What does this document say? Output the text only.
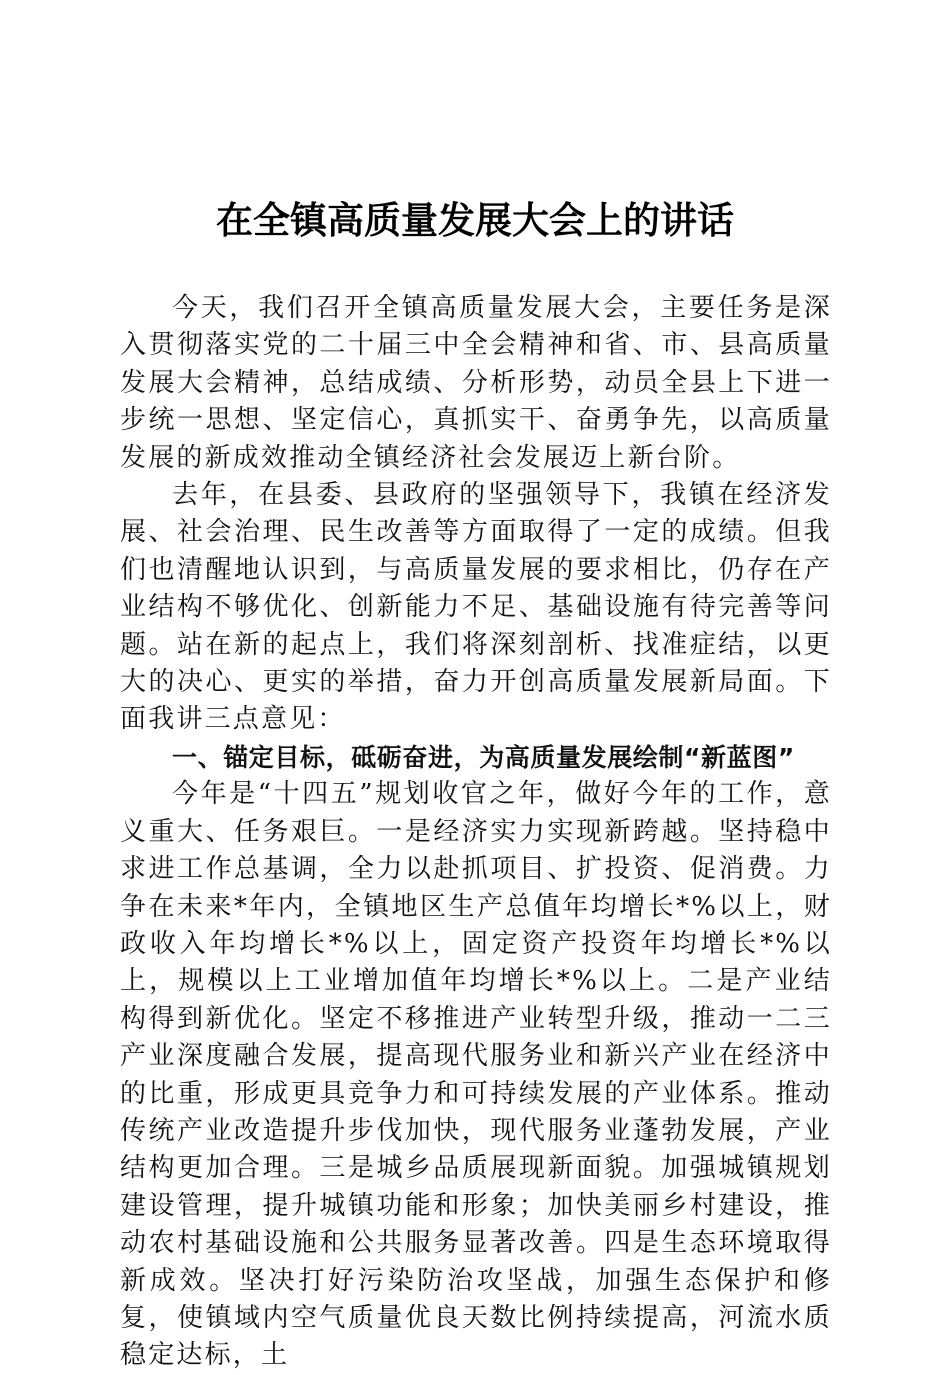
在全镇高质量发展大会上的讲话

今天，我们召开全镇高质量发展大会，主要任务是深入贯彻落实党的二十届三中全会精神和省、市、县高质量发展大会精神，总结成绩、分析形势，动员全县上下进一步统一思想、坚定信心，真抓实干、奋勇争先，以高质量发展的新成效推动全镇经济社会发展迈上新台阶。

去年，在县委、县政府的坚强领导下，我镇在经济发展、社会治理、民生改善等方面取得了一定的成绩。但我们也清醒地认识到，与高质量发展的要求相比，仍存在产业结构不够优化、创新能力不足、基础设施有待完善等问题。站在新的起点上，我们将深刻剖析、找准症结，以更大的决心、更实的举措，奋力开创高质量发展新局面。下面我讲三点意见：

一、锚定目标，砥砺奋进，为高质量发展绘制“新蓝图”

今年是“十四五”规划收官之年，做好今年的工作，意义重大、任务艰巨。一是经济实力实现新跨越。坚持稳中求进工作总基调，全力以赴抓项目、扩投资、促消费。力争在未来*年内，全镇地区生产总值年均增长*%以上，财政收入年均增长*%以上，固定资产投资年均增长*%以上，规模以上工业增加值年均增长*%以上。二是产业结构得到新优化。坚定不移推进产业转型升级，推动一二三产业深度融合发展，提高现代服务业和新兴产业在经济中的比重，形成更具竞争力和可持续发展的产业体系。推动传统产业改造提升步伐加快，现代服务业蓬勃发展，产业结构更加合理。三是城乡品质展现新面貌。加强城镇规划建设管理，提升城镇功能和形象；加快美丽乡村建设，推动农村基础设施和公共服务显著改善。四是生态环境取得新成效。坚决打好污染防治攻坚战，加强生态保护和修复，使镇域内空气质量优良天数比例持续提高，河流水质稳定达标，土
